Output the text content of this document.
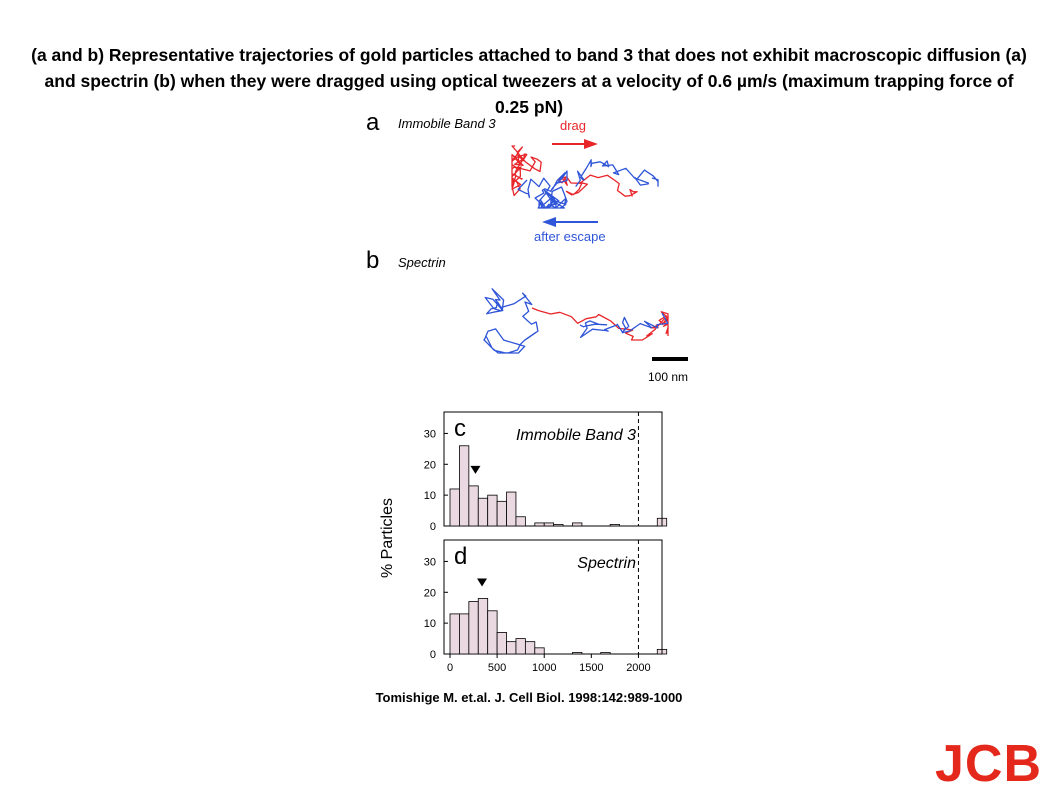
(a and b) Representative trajectories of gold particles attached to band 3 that does not exhibit macroscopic diffusion (a) and spectrin (b) when they were dragged using optical tweezers at a velocity of 0.6 µm/s (maximum trapping force of 0.25 pN)
a Immobile Band 3	drag
after escape
b Spectrin
100 nm
0
10
20
30 c	Immobile Band 3
0
10
20
30 d	Spectrin
0	500 1000 1500 2000
% Particles
Tomishige M. et.al. J. Cell Biol. 1998:142:989-1000
JCB
